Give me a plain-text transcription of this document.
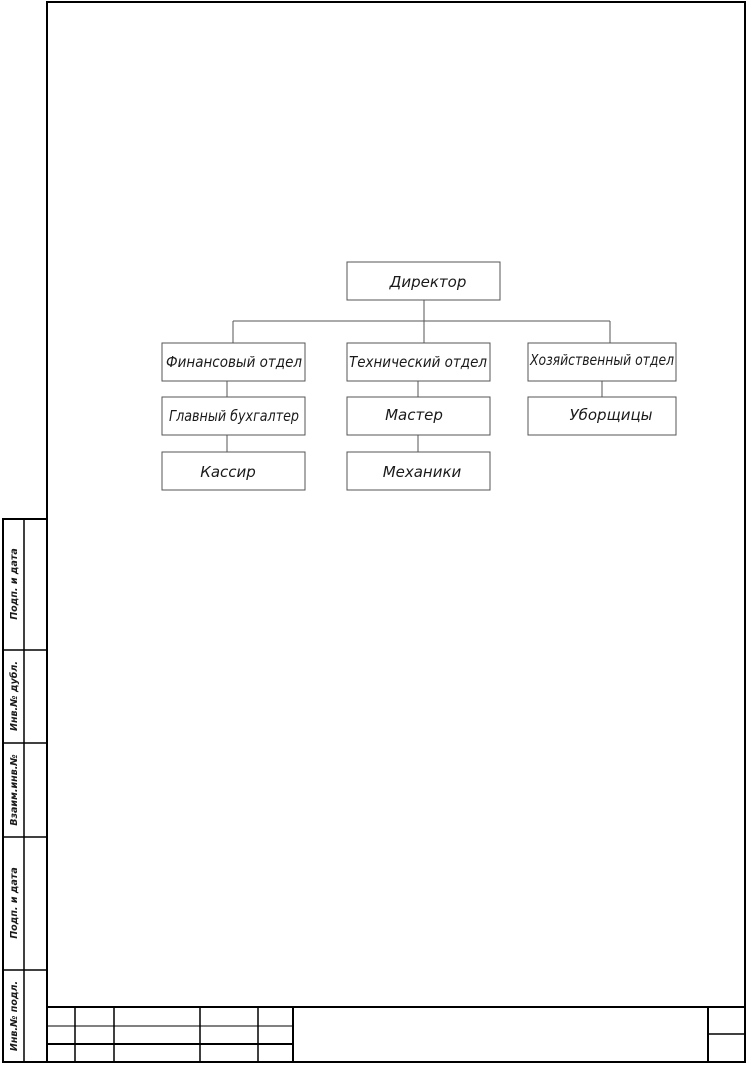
Подп. и дата
Инв.№ дубл.
Взаим.инв.№
Подп. и дата
Инв.№ подл.
Директор
Финансовый отдел
Главный бухгалтер
Кассир
Технический отдел
Мастер
Механики
Хозяйственный отдел
Уборщицы
